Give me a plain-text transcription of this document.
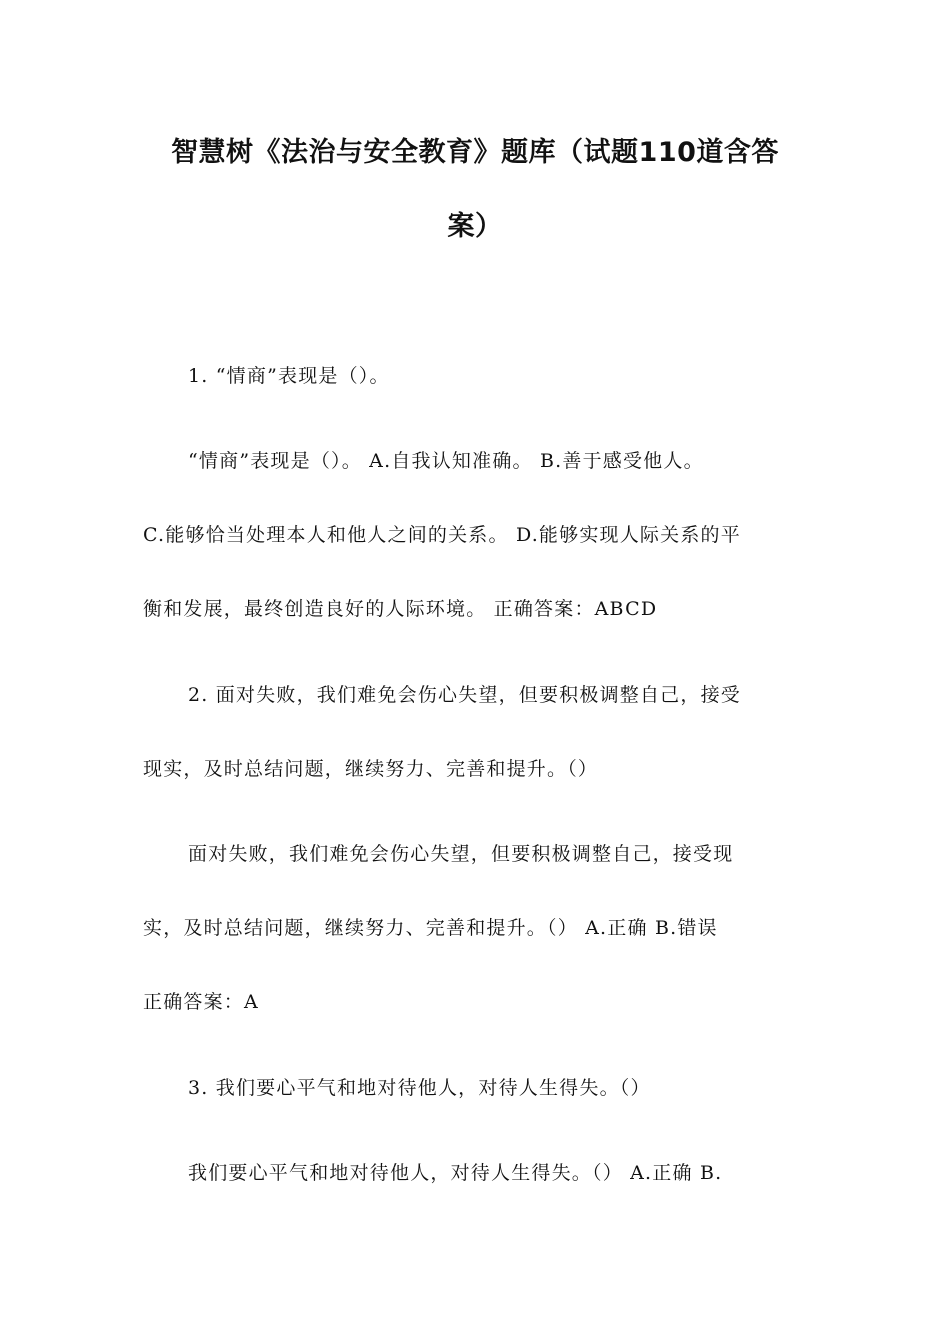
智慧树《法治与安全教育》题库（试题110道含答
案）
1. “情商”表现是（）。
“情商”表现是（）。 A.自我认知准确。 B.善于感受他人。
C.能够恰当处理本人和他人之间的关系。 D.能够实现人际关系的平
衡和发展，最终创造良好的人际环境。 正确答案：ABCD
2. 面对失败，我们难免会伤心失望，但要积极调整自己，接受
现实，及时总结问题，继续努力、完善和提升。（）
面对失败，我们难免会伤心失望，但要积极调整自己，接受现
实，及时总结问题，继续努力、完善和提升。（） A.正确 B.错误
正确答案：A
3. 我们要心平气和地对待他人，对待人生得失。（）
我们要心平气和地对待他人，对待人生得失。（） A.正确 B.
